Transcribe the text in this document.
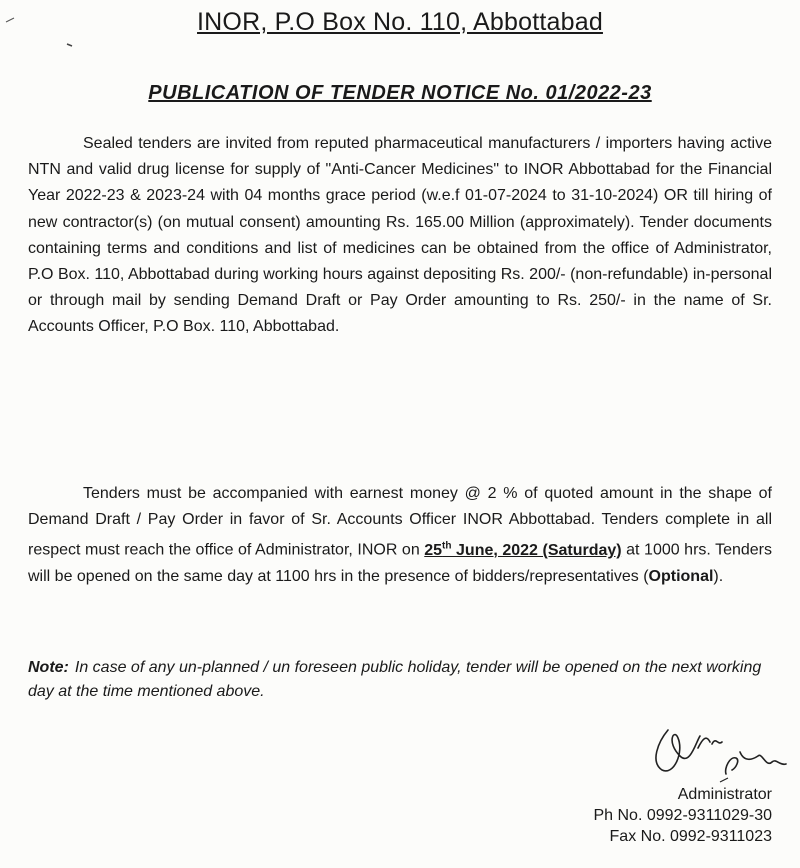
INOR, P.O Box No. 110, Abbottabad
PUBLICATION OF TENDER NOTICE No. 01/2022-23
Sealed tenders are invited from reputed pharmaceutical manufacturers / importers having active NTN and valid drug license for supply of "Anti-Cancer Medicines" to INOR Abbottabad for the Financial Year 2022-23 & 2023-24 with 04 months grace period (w.e.f 01-07-2024 to 31-10-2024) OR till hiring of new contractor(s) (on mutual consent) amounting Rs. 165.00 Million (approximately). Tender documents containing terms and conditions and list of medicines can be obtained from the office of Administrator, P.O Box. 110, Abbottabad during working hours against depositing Rs. 200/- (non-refundable) in-personal or through mail by sending Demand Draft or Pay Order amounting to Rs. 250/- in the name of Sr. Accounts Officer, P.O Box. 110, Abbottabad.
Tenders must be accompanied with earnest money @ 2 % of quoted amount in the shape of Demand Draft / Pay Order in favor of Sr. Accounts Officer INOR Abbottabad. Tenders complete in all respect must reach the office of Administrator, INOR on 25th June, 2022 (Saturday) at 1000 hrs. Tenders will be opened on the same day at 1100 hrs in the presence of bidders/representatives (Optional).
Note: In case of any un-planned / un foreseen public holiday, tender will be opened on the next working day at the time mentioned above.
Administrator
Ph No. 0992-9311029-30
Fax No. 0992-9311023
